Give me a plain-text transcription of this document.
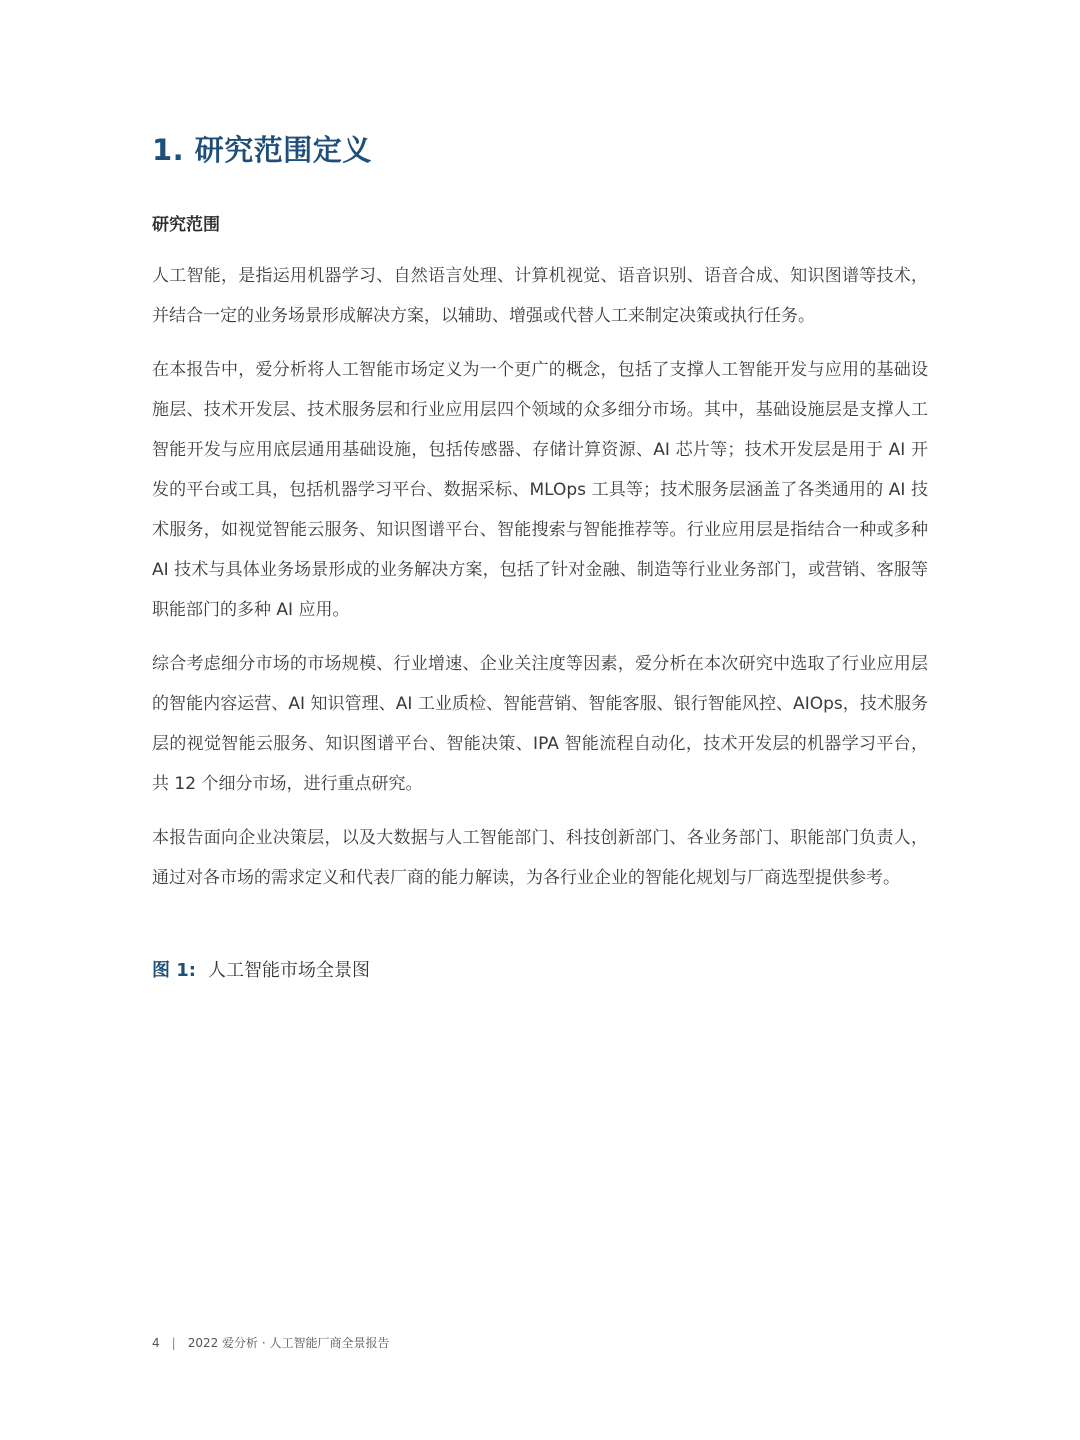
1. 研究范围定义
研究范围

人工智能，是指运用机器学习、自然语言处理、计算机视觉、语音识别、语音合成、知识图谱等技术，并结合一定的业务场景形成解决方案，以辅助、增强或代替人工来制定决策或执行任务。

在本报告中，爱分析将人工智能市场定义为一个更广的概念，包括了支撑人工智能开发与应用的基础设施层、技术开发层、技术服务层和行业应用层四个领域的众多细分市场。其中，基础设施层是支撑人工智能开发与应用底层通用基础设施，包括传感器、存储计算资源、AI 芯片等；技术开发层是用于 AI 开发的平台或工具，包括机器学习平台、数据采标、MLOps 工具等；技术服务层涵盖了各类通用的 AI 技术服务，如视觉智能云服务、知识图谱平台、智能搜索与智能推荐等。行业应用层是指结合一种或多种 AI 技术与具体业务场景形成的业务解决方案，包括了针对金融、制造等行业业务部门，或营销、客服等职能部门的多种 AI 应用。

综合考虑细分市场的市场规模、行业增速、企业关注度等因素，爱分析在本次研究中选取了行业应用层的智能内容运营、AI 知识管理、AI 工业质检、智能营销、智能客服、银行智能风控、AIOps，技术服务层的视觉智能云服务、知识图谱平台、智能决策、IPA 智能流程自动化，技术开发层的机器学习平台，共 12 个细分市场，进行重点研究。

本报告面向企业决策层，以及大数据与人工智能部门、科技创新部门、各业务部门、职能部门负责人，通过对各市场的需求定义和代表厂商的能力解读，为各行业企业的智能化规划与厂商选型提供参考。

图 1: 人工智能市场全景图

4 | 2022 爱分析 · 人工智能厂商全景报告
